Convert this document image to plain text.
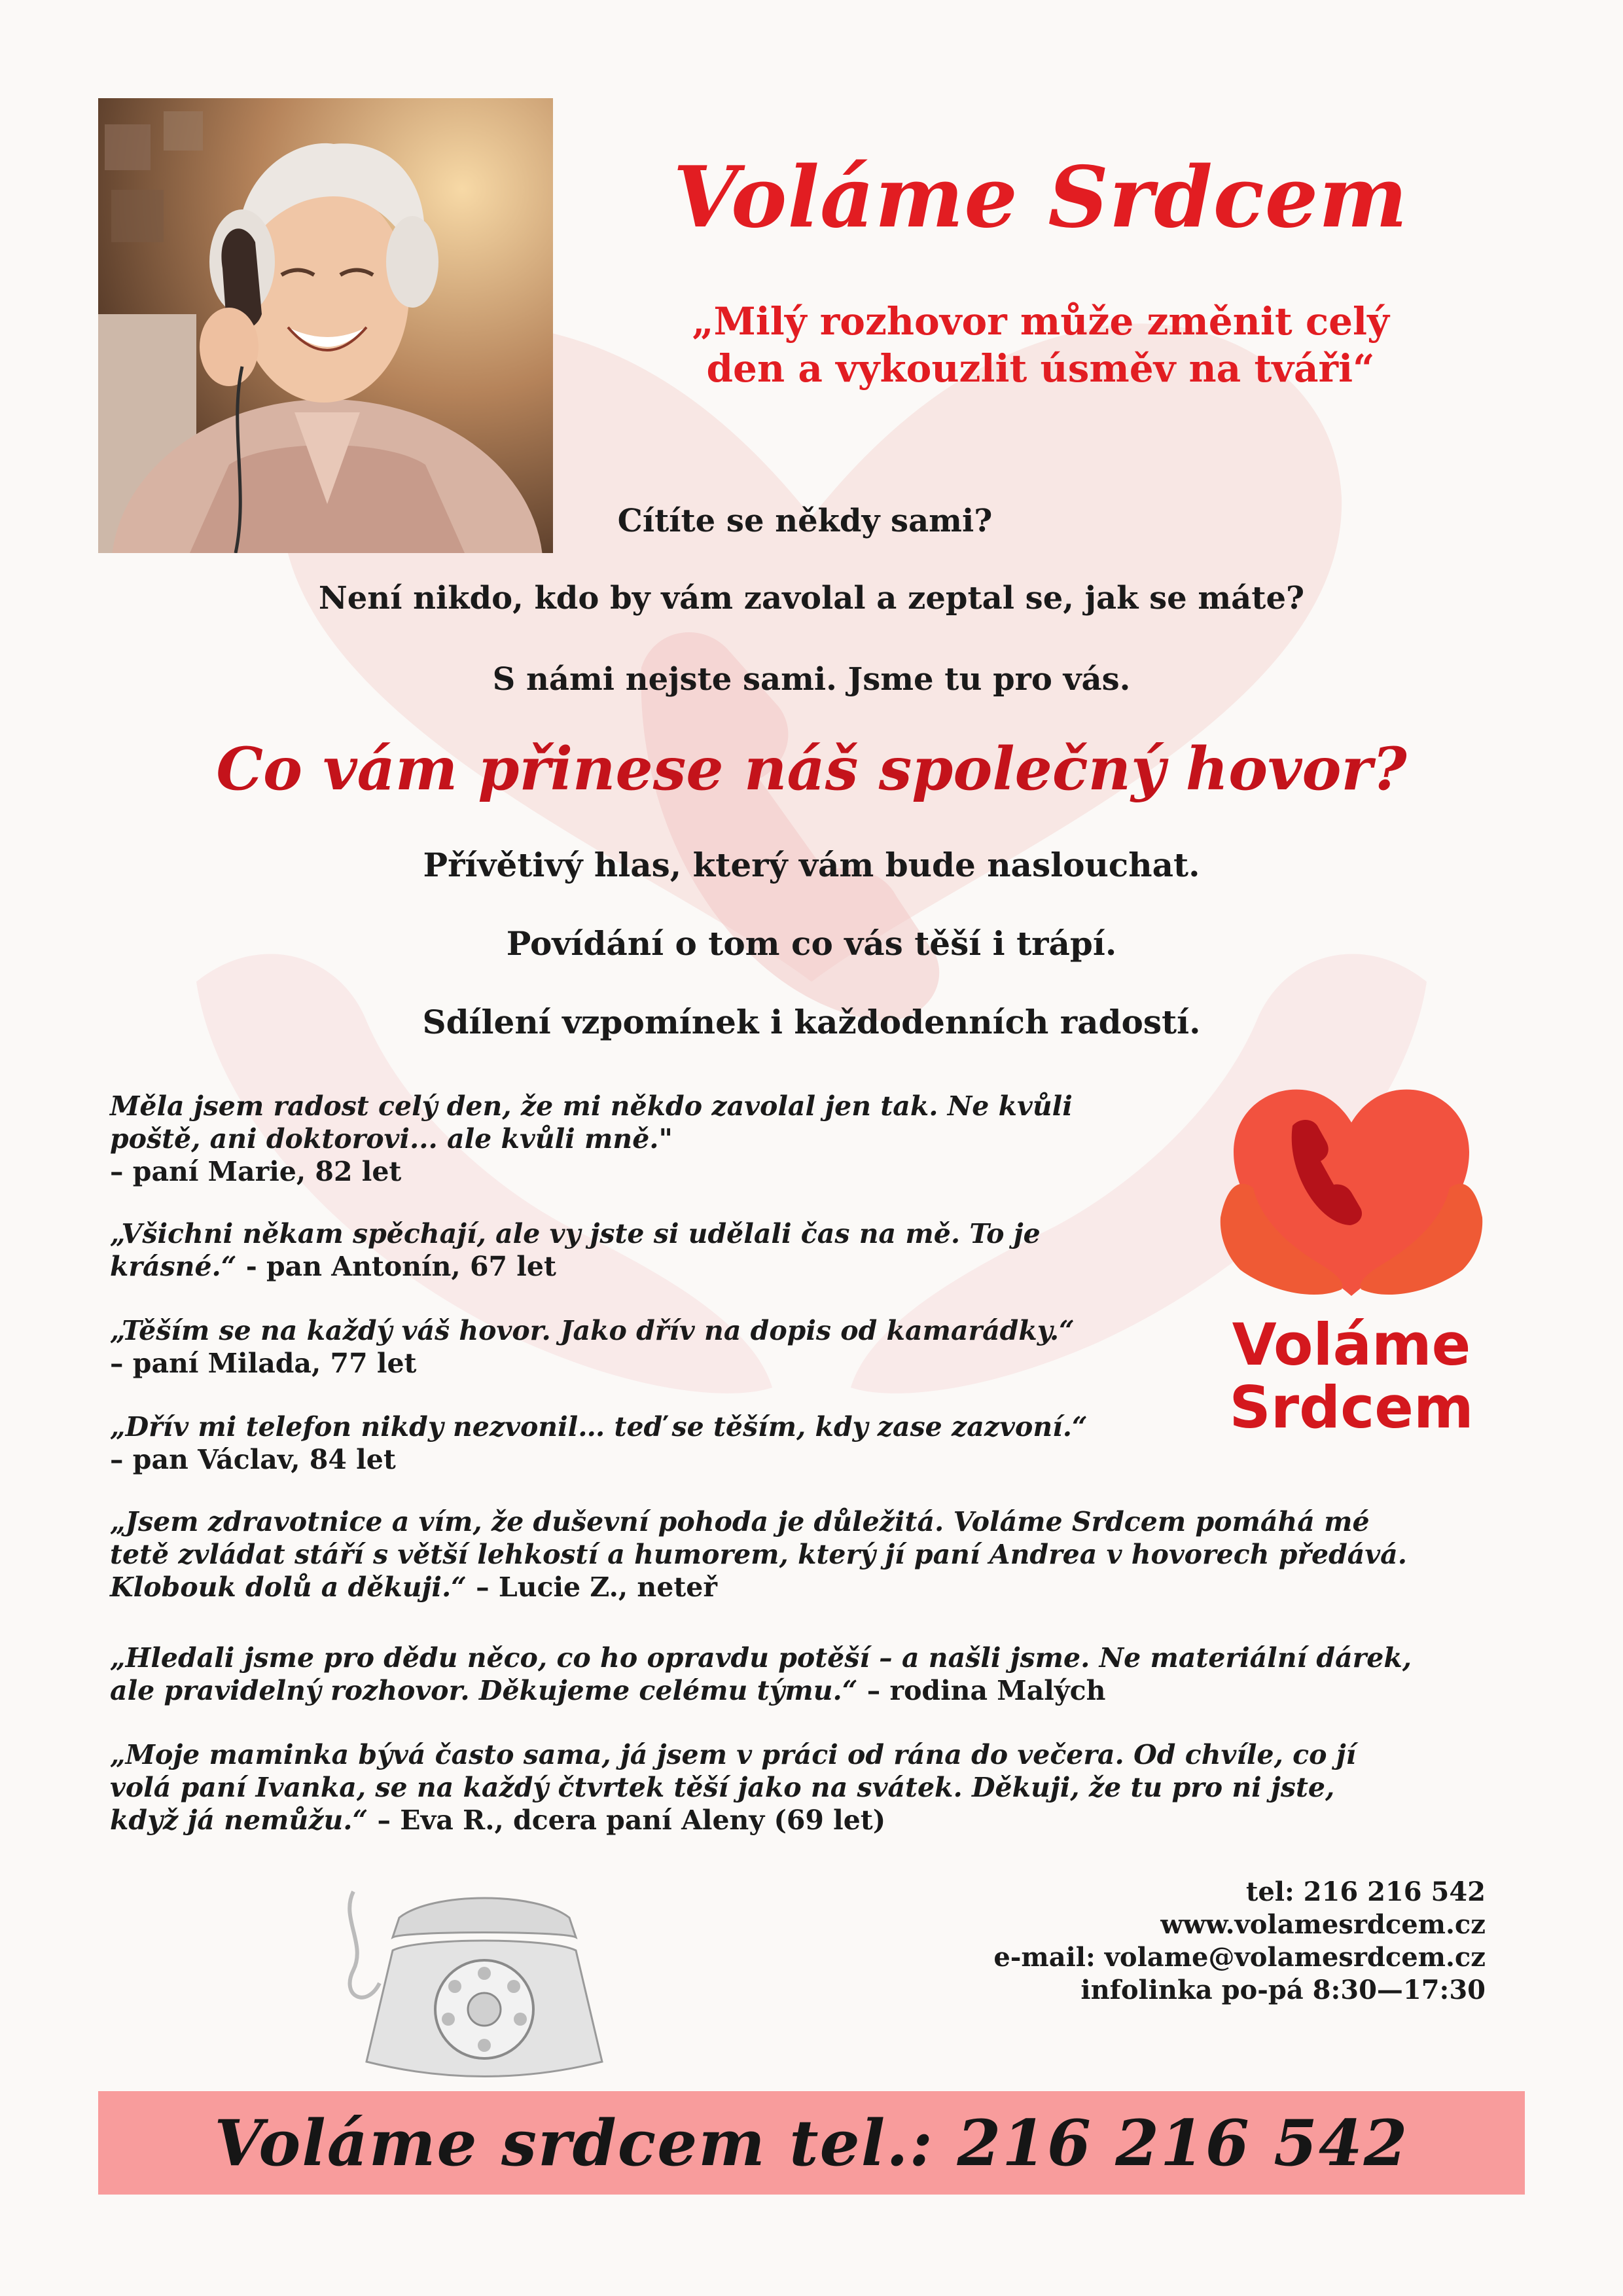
Voláme Srdcem
„Milý rozhovor může změnit celý
den a vykouzlit úsměv na tváři“
Cítíte se někdy sami?
Není nikdo, kdo by vám zavolal a zeptal se, jak se máte?
S námi nejste sami. Jsme tu pro vás.
Co vám přinese náš společný hovor?
Přívětivý hlas, který vám bude naslouchat.
Povídání o tom co vás těší i trápí.
Sdílení vzpomínek i každodenních radostí.
Měla jsem radost celý den, že mi někdo zavolal jen tak. Ne kvůli
poště, ani doktorovi... ale kvůli mně."
– paní Marie, 82 let
„Všichni někam spěchají, ale vy jste si udělali čas na mě. To je
krásné.“ - pan Antonín, 67 let
„Těším se na každý váš hovor. Jako dřív na dopis od kamarádky.“
– paní Milada, 77 let
„Dřív mi telefon nikdy nezvonil… teď se těším, kdy zase zazvoní.“
– pan Václav, 84 let
„Jsem zdravotnice a vím, že duševní pohoda je důležitá. Voláme Srdcem pomáhá mé
tetě zvládat stáří s větší lehkostí a humorem, který jí paní Andrea v hovorech předává.
Klobouk dolů a děkuji.“ – Lucie Z., neteř
„Hledali jsme pro dědu něco, co ho opravdu potěší – a našli jsme. Ne materiální dárek,
ale pravidelný rozhovor. Děkujeme celému týmu.“ – rodina Malých
„Moje maminka bývá často sama, já jsem v práci od rána do večera. Od chvíle, co jí
volá paní Ivanka, se na každý čtvrtek těší jako na svátek. Děkuji, že tu pro ni jste,
když já nemůžu.“ – Eva R., dcera paní Aleny (69 let)
Voláme
Srdcem
tel: 216 216 542
www.volamesrdcem.cz
e-mail: volame@volamesrdcem.cz
infolinka po-pá 8:30—17:30
Voláme srdcem tel.: 216 216 542
